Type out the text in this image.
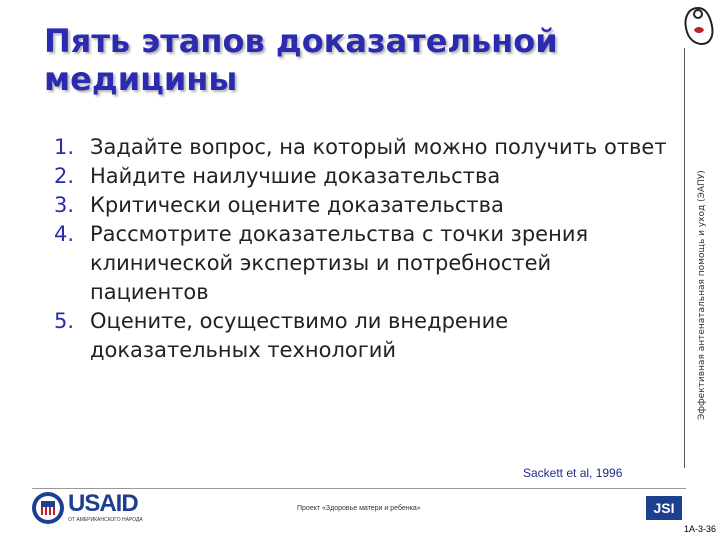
Пять этапов доказательной медицины
Эффективная антенатальная помощь и уход (ЭАПУ)
1. Задайте вопрос, на который можно получить ответ
2. Найдите наилучшие доказательства
3. Критически оцените доказательства
4. Рассмотрите доказательства с точки зрения клинической экспертизы и потребностей пациентов
5. Оцените, осуществимо ли внедрение доказательных технологий
Sackett et al, 1996
USAID
ОТ АМЕРИКАНСКОГО НАРОДА
Проект «Здоровье матери и ребенка»	JSI
1A-3-36
